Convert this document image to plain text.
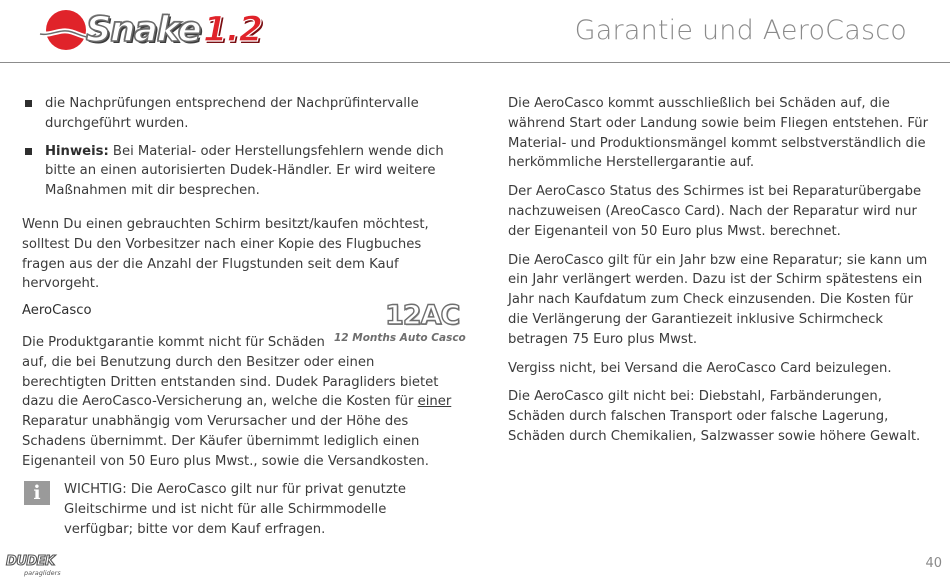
Snake 1.2	Garantie und AeroCasco
die Nachprüfungen entsprechend der Nachprüfintervalle durchgeführt wurden.
Hinweis: Bei Material- oder Herstellungsfehlern wende dich bitte an einen autorisierten Dudek-Händler. Er wird weitere Maßnahmen mit dir besprechen.

Wenn Du einen gebrauchten Schirm besitzt/kaufen möchtest, solltest Du den Vorbesitzer nach einer Kopie des Flugbuches fragen aus der die Anzahl der Flugstunden seit dem Kauf hervorgeht.

AeroCasco	12AC
12 Months Auto Casco
Die Produktgarantie kommt nicht für Schäden
auf, die bei Benutzung durch den Besitzer oder einen berechtigten Dritten entstanden sind. Dudek Paragliders bietet dazu die AeroCasco-Versicherung an, welche die Kosten für einer Reparatur unabhängig vom Verursacher und der Höhe des Schadens übernimmt. Der Käufer übernimmt lediglich einen Eigenanteil von 50 Euro plus Mwst., sowie die Versandkosten.
i	WICHTIG: Die AeroCasco gilt nur für privat genutzte Gleitschirme und ist nicht für alle Schirmmodelle verfügbar; bitte vor dem Kauf erfragen.

Die AeroCasco kommt ausschließlich bei Schäden auf, die während Start oder Landung sowie beim Fliegen entstehen. Für Material- und Produktionsmängel kommt selbstverständlich die herkömmliche Herstellergarantie auf.

Der AeroCasco Status des Schirmes ist bei Reparaturübergabe nachzuweisen (AreoCasco Card). Nach der Reparatur wird nur der Eigenanteil von 50 Euro plus Mwst. berechnet.

Die AeroCasco gilt für ein Jahr bzw eine Reparatur; sie kann um ein Jahr verlängert werden. Dazu ist der Schirm spätestens ein Jahr nach Kaufdatum zum Check einzusenden. Die Kosten für die Verlängerung der Garantiezeit inklusive Schirmcheck betragen 75 Euro plus Mwst.

Vergiss nicht, bei Versand die AeroCasco Card beizulegen.

Die AeroCasco gilt nicht bei: Diebstahl, Farbänderungen, Schäden durch falschen Transport oder falsche Lagerung, Schäden durch Chemikalien, Salzwasser sowie höhere Gewalt.

DUDEK
paragliders
40
